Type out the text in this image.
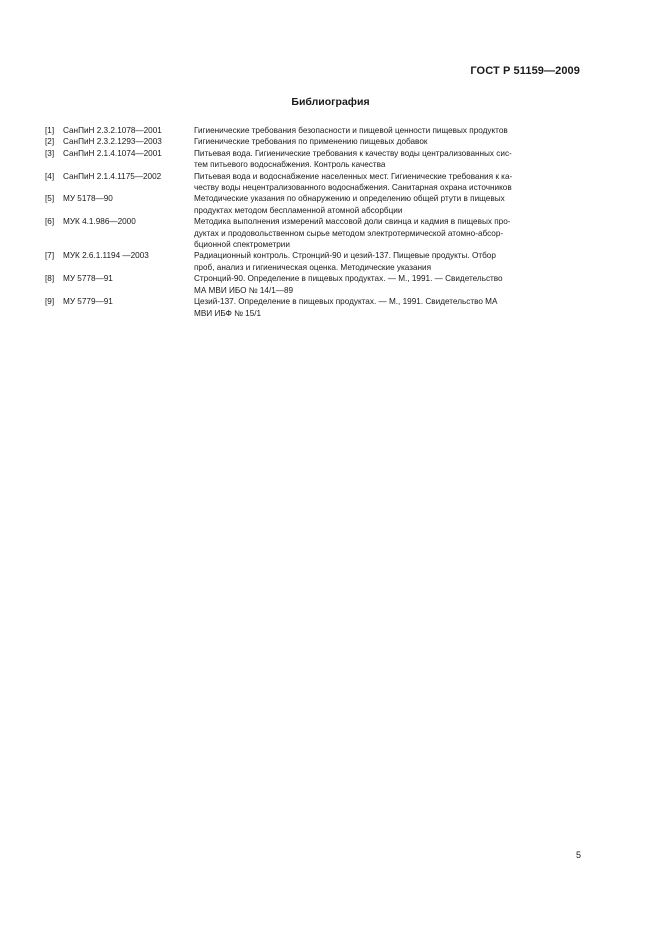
ГОСТ Р 51159—2009
Библиография
[1]	СанПиН 2.3.2.1078—2001	Гигиенические требования безопасности и пищевой ценности пищевых продуктов
[2]	СанПиН 2.3.2.1293—2003	Гигиенические требования по применению пищевых добавок
[3]	СанПиН 2.1.4.1074—2001	Питьевая вода. Гигиенические требования к качеству воды централизованных сис-
тем питьевого водоснабжения. Контроль качества
[4]	СанПиН 2.1.4.1175—2002	Питьевая вода и водоснабжение населенных мест. Гигиенические требования к ка-
честву воды нецентрализованного водоснабжения. Санитарная охрана источников
[5]	МУ 5178—90	Методические указания по обнаружению и определению общей ртути в пищевых
продуктах методом беспламенной атомной абсорбции
[6]	МУК 4.1.986—2000	Методика выполнения измерений массовой доли свинца и кадмия в пищевых про-
дуктах и продовольственном сырье методом электротермической атомно-абсор-
бционной спектрометрии
[7]	МУК 2.6.1.1194 —2003	Радиационный контроль. Стронций-90 и цезий-137. Пищевые продукты. Отбор
проб, анализ и гигиеническая оценка. Методические указания
[8]	МУ 5778—91	Стронций-90. Определение в пищевых продуктах. — М., 1991. — Свидетельство
МА МВИ ИБО № 14/1—89
[9]	МУ 5779—91	Цезий-137. Определение в пищевых продуктах. — М., 1991. Свидетельство МА
МВИ ИБФ № 15/1
5
